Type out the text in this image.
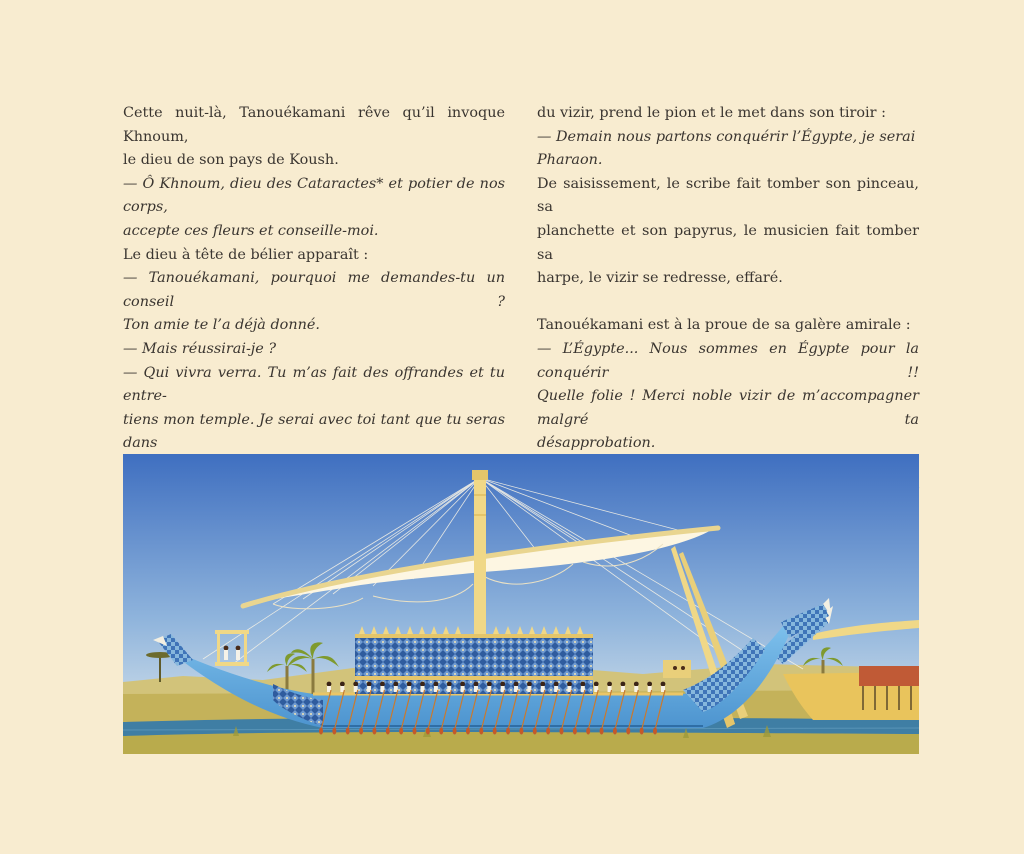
Cette nuit-là, Tanouékamani rêve qu’il invoque Khnoum,

le dieu de son pays de Koush.

— Ô Khnoum, dieu des Cataractes* et potier de nos corps,

accepte ces fleurs et conseille-moi.

Le dieu à tête de bélier apparaît :

— Tanouékamani, pourquoi me demandes-tu un conseil ?

Ton amie te l’a déjà donné.

— Mais réussirai-je ?

— Qui vivra verra. Tu m’as fait des offrandes et tu entre-

tiens mon temple. Je serai avec toi tant que tu seras dans

du vizir, prend le pion et le met dans son tiroir :

— Demain nous partons conquérir l’Égypte, je serai Pharaon.

De saisissement, le scribe fait tomber son pinceau, sa

planchette et son papyrus, le musicien fait tomber sa

harpe, le vizir se redresse, effaré.

Tanouékamani est à la proue de sa galère amirale :

— L’Égypte... Nous sommes en Égypte pour la conquérir !!

Quelle folie ! Merci noble vizir de m’accompagner malgré ta

désapprobation.
